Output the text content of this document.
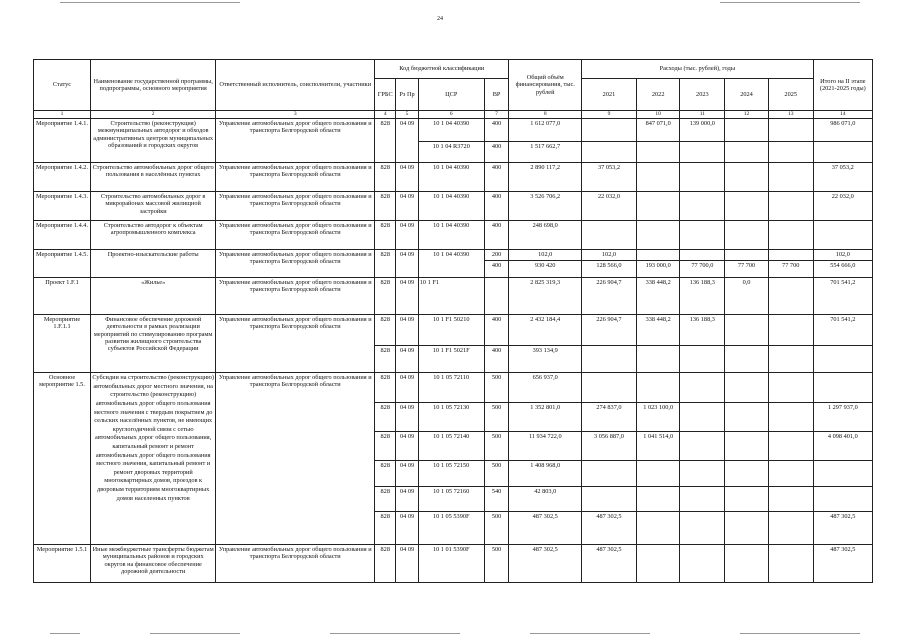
24
Статус	Наименование государственной программы, подпрограммы, основного мероприятия	Ответственный исполнитель, соисполнители, участники	Код бюджетной классификации				Общий объём финансирования, тыс. рублей	Расходы (тыс. рублей), годы					Итого на II этапе (2021-2025 годы)
			ГРБС	Рз Пр	ЦСР	ВР		2021	2022	2023	2024	2025	
1	2	3	4	5	6	7	8	9	10	11	12	13	14
Мероприятие 1.4.1.	Строительство (реконструкция) межмуниципальных автодорог и обходов административных центров муниципальных образований и городских округов	Управление автомобильных дорог общего пользования и транспорта Белгородской области	828	04 09	10 1 04 40390	400	1 612 077,0		847 071,0	139 000,0			986 071,0
					10 1 04 R3720	400	1 517 662,7						
Мероприятие 1.4.2.	Строительство автомобильных дорог общего пользования в населённых пунктах	Управление автомобильных дорог общего пользования и транспорта Белгородской области	828	04 09	10 1 04 40390	400	2 890 117,2	37 053,2					37 053,2
Мероприятие 1.4.3.	Строительство автомобильных дорог в микрорайонах массовой жилищной застройки	Управление автомобильных дорог общего пользования и транспорта Белгородской области	828	04 09	10 1 04 40390	400	3 526 706,2	22 032,0					22 032,0
Мероприятие 1.4.4.	Строительство автодорог к объектам агропромышленного комплекса	Управление автомобильных дорог общего пользования и транспорта Белгородской области	828	04 09	10 1 04 40390	400	248 698,0						
Мероприятие 1.4.5.	Проектно-изыскательские работы	Управление автомобильных дорог общего пользования и транспорта Белгородской области	828	04 09	10 1 04 40390	200	102,0	102,0					102,0
						400	930 420	128 566,0	193 000,0	77 700,0	77 700	77 700	554 666,0
Проект 1.F.1	«Жилье»	Управление автомобильных дорог общего пользования и транспорта Белгородской области	828	04 09	10 1 F1		2 825 319,3	226 904,7	338 448,2	136 188,3	0,0		701 541,2
Мероприятие 1.F.1.1	Финансовое обеспечение дорожной деятельности в рамках реализации мероприятий по стимулированию программ развития жилищного строительства субъектов Российской Федерации	Управление автомобильных дорог общего пользования и транспорта Белгородской области	828	04 09	10 1 F1 50210	400	2 432 184,4	226 904,7	338 448,2	136 188,3			701 541,2
			828	04 09	10 1 F1 5021F	400	393 134,9						
Основное мероприятие 1.5.	Субсидии на строительство (реконструкцию) автомобильных дорог местного значения, на строительство (реконструкцию) автомобильных дорог общего пользования местного значения с твердым покрытием до сельских населённых пунктов, не имеющих круглогодичной связи с сетью автомобильных дорог общего пользования, капитальный ремонт и ремонт автомобильных дорог общего пользования местного значения, капитальный ремонт и ремонт дворовых территорий многоквартирных домов, проездов к дворовым территориям многоквартирных домов населенных пунктов	Управление автомобильных дорог общего пользования и транспорта Белгородской области	828	04 09	10 1 05 72110	500	656 937,0						
			828	04 09	10 1 05 72130	500	1 352 801,0	274 837,0	1 023 100,0				1 297 937,0
			828	04 09	10 1 05 72140	500	11 934 722,0	3 056 887,0	1 041 514,0				4 098 401,0
			828	04 09	10 1 05 72150	500	1 408 968,0						
			828	04 09	10 1 05 72160	540	42 803,0						
			828	04 09	10 1 05 5390F	500	487 302,5	487 302,5					487 302,5
Мероприятие 1.5.1	Иные межбюджетные трансферты бюджетам муниципальных районов и городских округов на финансовое обеспечение дорожной деятельности	Управление автомобильных дорог общего пользования и транспорта Белгородской области	828	04 09	10 1 01 5390F	500	487 302,5	487 302,5					487 302,5
